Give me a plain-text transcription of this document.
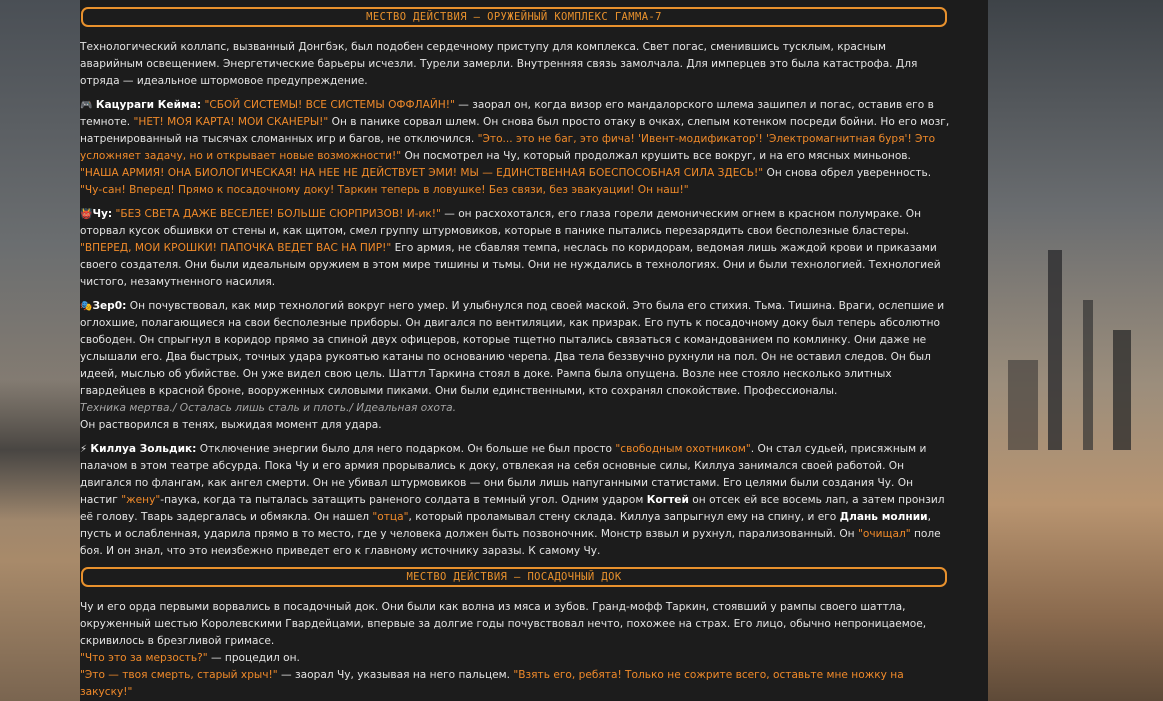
МЕСТВО ДЕЙСТВИЯ – ОРУЖЕЙНЫЙ КОМПЛЕКС ГАММА-7

Технологический коллапс, вызванный Донгбэк, был подобен сердечному приступу для комплекса. Свет погас, сменившись тусклым, красным аварийным освещением. Энергетические барьеры исчезли. Турели замерли. Внутренняя связь замолчала. Для имперцев это была катастрофа. Для отряда — идеальное штормовое предупреждение.

🎮 Кацураги Кейма: "СБОЙ СИСТЕМЫ! ВСЕ СИСТЕМЫ ОФФЛАЙН!" — заорал он, когда визор его мандалорского шлема зашипел и погас, оставив его в темноте. "НЕТ! МОЯ КАРТА! МОИ СКАНЕРЫ!" Он в панике сорвал шлем. Он снова был просто отаку в очках, слепым котенком посреди бойни. Но его мозг, натренированный на тысячах сломанных игр и багов, не отключился. "Это... это не баг, это фича! 'Ивент-модификатор'! 'Электромагнитная буря'! Это усложняет задачу, но и открывает новые возможности!" Он посмотрел на Чу, который продолжал крушить все вокруг, и на его мясных миньонов. "НАША АРМИЯ! ОНА БИОЛОГИЧЕСКАЯ! НА НЕЕ НЕ ДЕЙСТВУЕТ ЭМИ! МЫ — ЕДИНСТВЕННАЯ БОЕСПОСОБНАЯ СИЛА ЗДЕСЬ!" Он снова обрел уверенность. "Чу-сан! Вперед! Прямо к посадочному доку! Таркин теперь в ловушке! Без связи, без эвакуации! Он наш!"

👹Чу: "БЕЗ СВЕТА ДАЖЕ ВЕСЕЛЕЕ! БОЛЬШЕ СЮРПРИЗОВ! И-ик!" — он расхохотался, его глаза горели демоническим огнем в красном полумраке. Он оторвал кусок обшивки от стены и, как щитом, смел группу штурмовиков, которые в панике пытались перезарядить свои бесполезные бластеры. "ВПЕРЕД, МОИ КРОШКИ! ПАПОЧКА ВЕДЕТ ВАС НА ПИР!" Его армия, не сбавляя темпа, неслась по коридорам, ведомая лишь жаждой крови и приказами своего создателя. Они были идеальным оружием в этом мире тишины и тьмы. Они не нуждались в технологиях. Они и были технологией. Технологией чистого, незамутненного насилия.

🎭Зер0: Он почувствовал, как мир технологий вокруг него умер. И улыбнулся под своей маской. Это была его стихия. Тьма. Тишина. Враги, ослепшие и оглохшие, полагающиеся на свои бесполезные приборы. Он двигался по вентиляции, как призрак. Его путь к посадочному доку был теперь абсолютно свободен. Он спрыгнул в коридор прямо за спиной двух офицеров, которые тщетно пытались связаться с командованием по комлинку. Они даже не услышали его. Два быстрых, точных удара рукоятью катаны по основанию черепа. Два тела беззвучно рухнули на пол. Он не оставил следов. Он был идеей, мыслью об убийстве. Он уже видел свою цель. Шаттл Таркина стоял в доке. Рампа была опущена. Возле нее стояло несколько элитных гвардейцев в красной броне, вооруженных силовыми пиками. Они были единственными, кто сохранял спокойствие. Профессионалы.
Техника мертва./ Осталась лишь сталь и плоть./ Идеальная охота.
Он растворился в тенях, выжидая момент для удара.

⚡ Киллуа Зольдик: Отключение энергии было для него подарком. Он больше не был просто "свободным охотником". Он стал судьей, присяжным и палачом в этом театре абсурда. Пока Чу и его армия прорывались к доку, отвлекая на себя основные силы, Киллуа занимался своей работой. Он двигался по флангам, как ангел смерти. Он не убивал штурмовиков — они были лишь напуганными статистами. Его целями были создания Чу. Он настиг "жену"-паука, когда та пыталась затащить раненого солдата в темный угол. Одним ударом Когтей он отсек ей все восемь лап, а затем пронзил её голову. Тварь задергалась и обмякла. Он нашел "отца", который проламывал стену склада. Киллуа запрыгнул ему на спину, и его Длань молнии, пусть и ослабленная, ударила прямо в то место, где у человека должен быть позвоночник. Монстр взвыл и рухнул, парализованный. Он "очищал" поле боя. И он знал, что это неизбежно приведет его к главному источнику заразы. К самому Чу.

МЕСТВО ДЕЙСТВИЯ – ПОСАДОЧНЫЙ ДОК

Чу и его орда первыми ворвались в посадочный док. Они были как волна из мяса и зубов. Гранд-мофф Таркин, стоявший у рампы своего шаттла, окруженный шестью Королевскими Гвардейцами, впервые за долгие годы почувствовал нечто, похожее на страх. Его лицо, обычно непроницаемое, скривилось в брезгливой гримасе.
"Что это за мерзость?" — процедил он.
"Это — твоя смерть, старый хрыч!" — заорал Чу, указывая на него пальцем. "Взять его, ребята! Только не сожрите всего, оставьте мне ножку на закуску!"
